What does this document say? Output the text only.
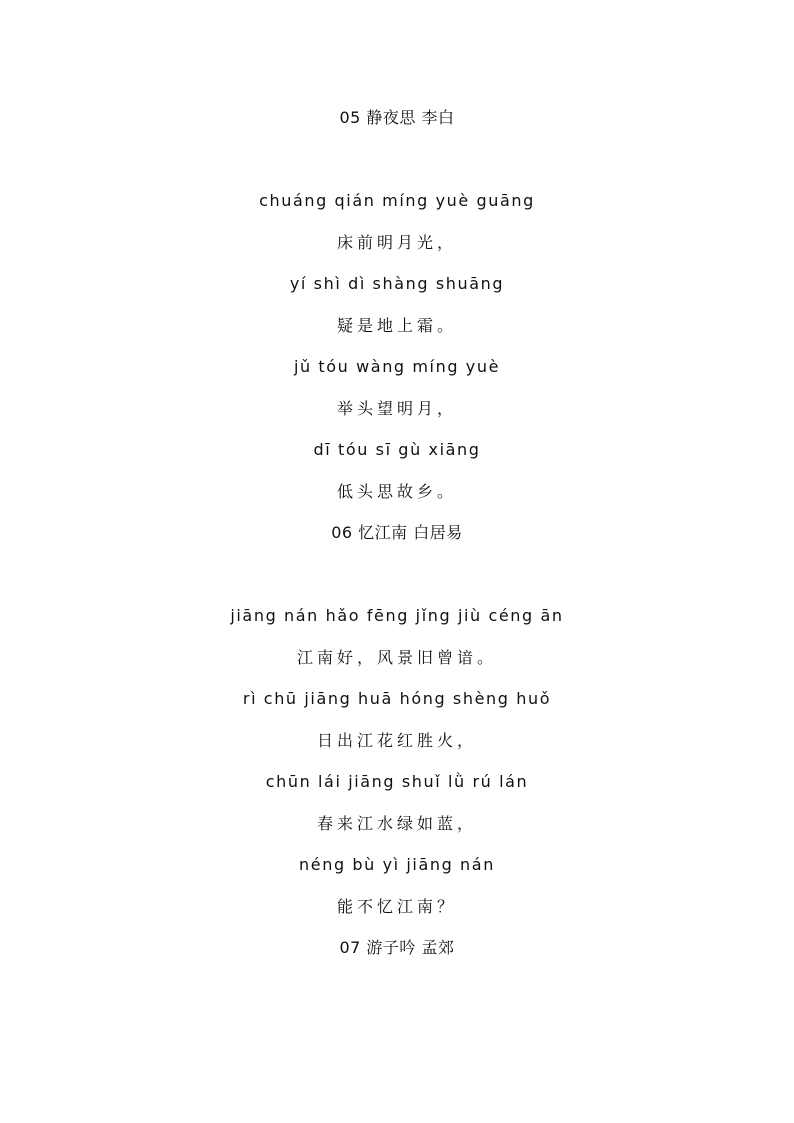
05 静夜思 李白
chuáng qián míng yuè guāng
床前明月光，
yí shì dì shàng shuāng
疑是地上霜。
jǔ tóu wàng míng yuè
举头望明月，
dī tóu sī gù xiāng
低头思故乡。
06 忆江南 白居易
jiāng nán hǎo fēng jǐng jiù céng ān
江南好，风景旧曾谙。
rì chū jiāng huā hóng shèng huǒ
日出江花红胜火，
chūn lái jiāng shuǐ lǜ rú lán
春来江水绿如蓝，
néng bù yì jiāng nán
能不忆江南？
07 游子吟 孟郊
